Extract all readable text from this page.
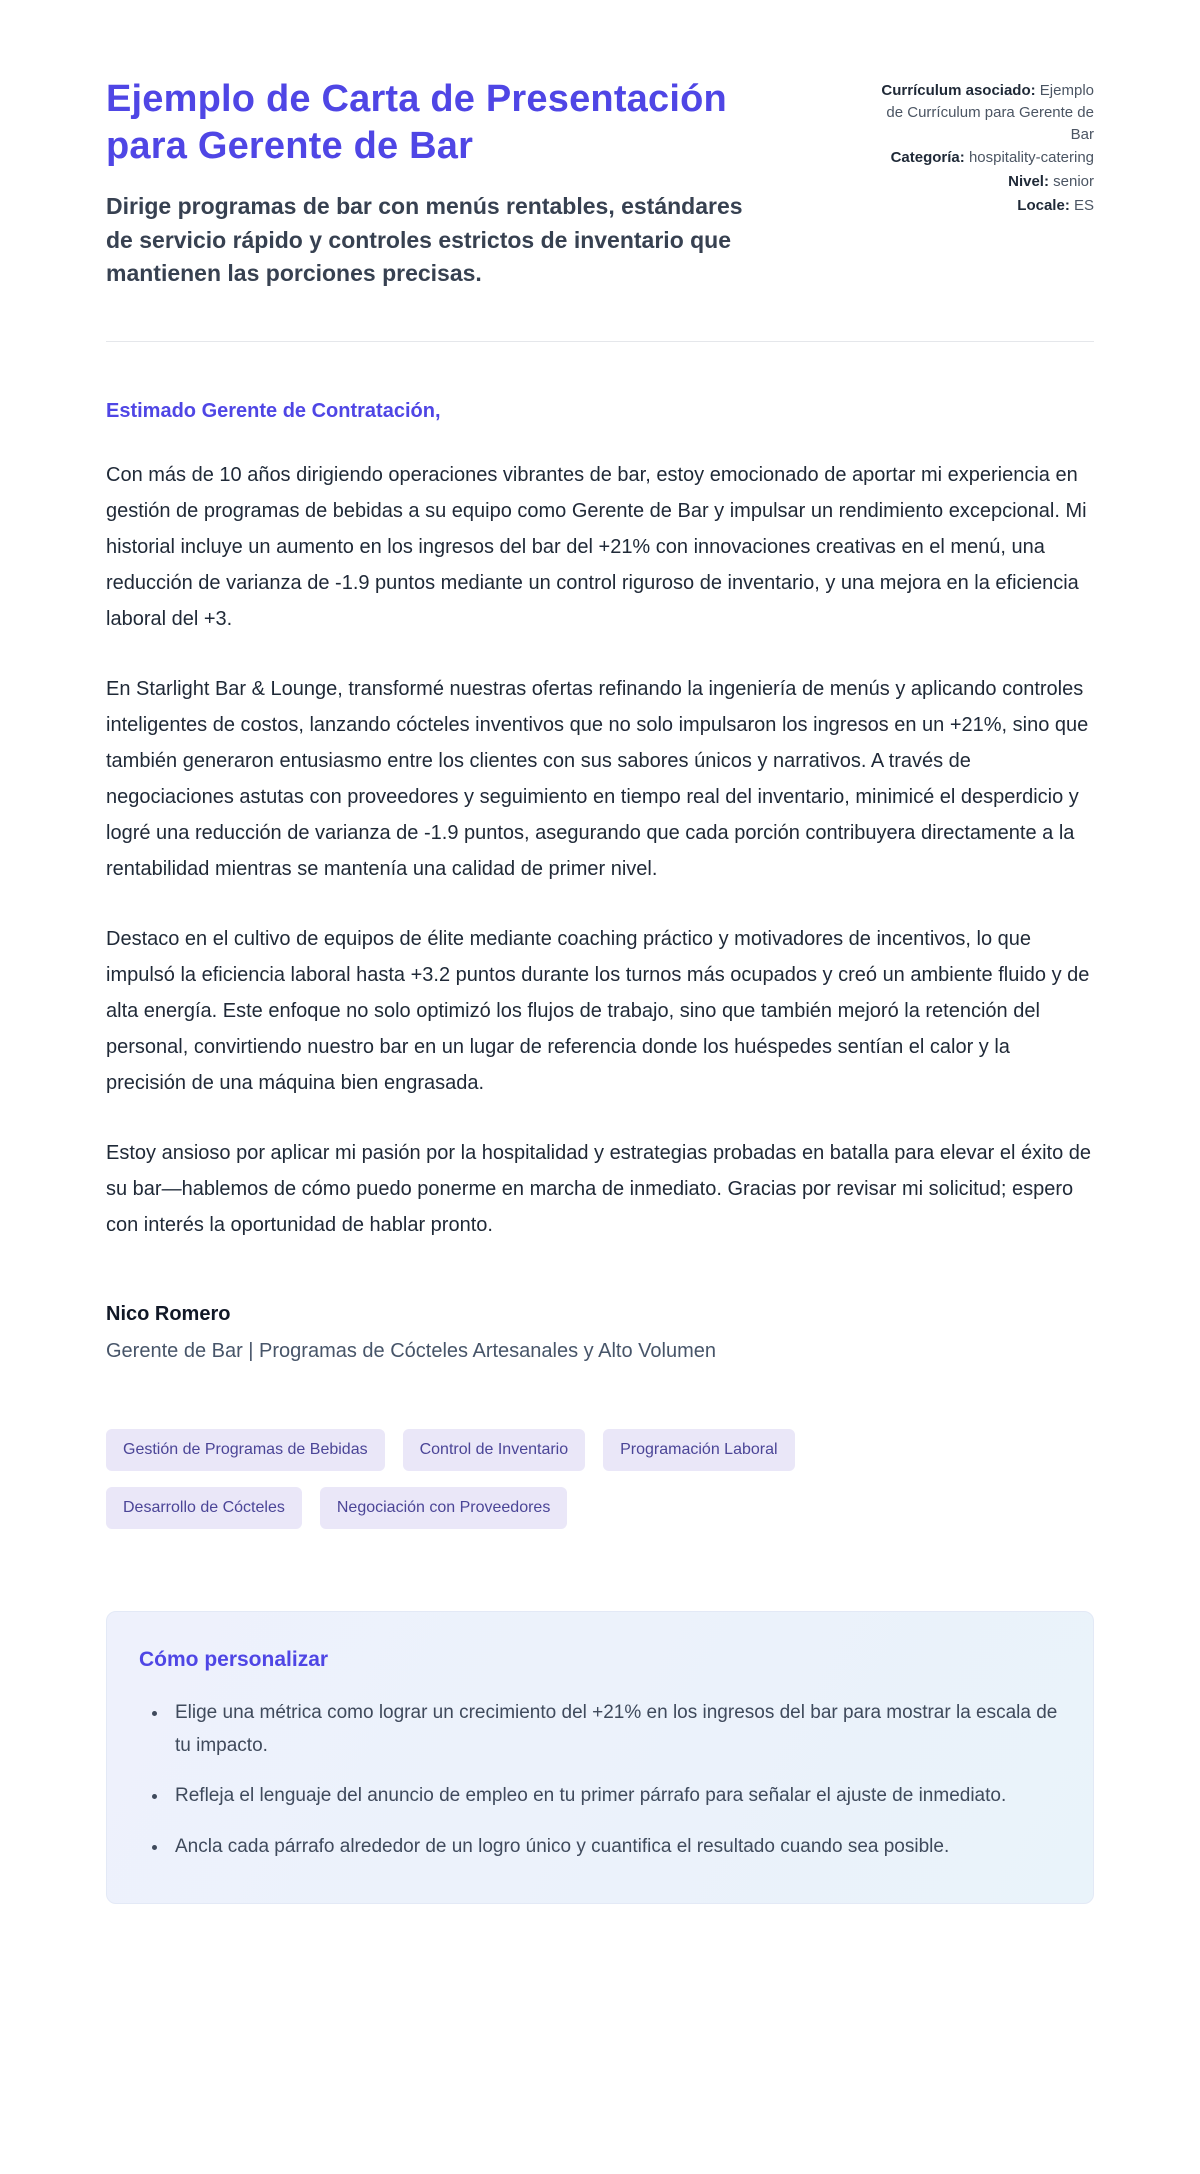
Ejemplo de Carta de Presentación para Gerente de Bar

Dirige programas de bar con menús rentables, estándares de servicio rápido y controles estrictos de inventario que mantienen las porciones precisas.

Currículum asociado: Ejemplo de Currículum para Gerente de Bar
Categoría: hospitality-catering
Nivel: senior
Locale: ES

Estimado Gerente de Contratación,

Con más de 10 años dirigiendo operaciones vibrantes de bar, estoy emocionado de aportar mi experiencia en gestión de programas de bebidas a su equipo como Gerente de Bar y impulsar un rendimiento excepcional. Mi historial incluye un aumento en los ingresos del bar del +21% con innovaciones creativas en el menú, una reducción de varianza de -1.9 puntos mediante un control riguroso de inventario, y una mejora en la eficiencia laboral del +3.

En Starlight Bar & Lounge, transformé nuestras ofertas refinando la ingeniería de menús y aplicando controles inteligentes de costos, lanzando cócteles inventivos que no solo impulsaron los ingresos en un +21%, sino que también generaron entusiasmo entre los clientes con sus sabores únicos y narrativos. A través de negociaciones astutas con proveedores y seguimiento en tiempo real del inventario, minimicé el desperdicio y logré una reducción de varianza de -1.9 puntos, asegurando que cada porción contribuyera directamente a la rentabilidad mientras se mantenía una calidad de primer nivel.

Destaco en el cultivo de equipos de élite mediante coaching práctico y motivadores de incentivos, lo que impulsó la eficiencia laboral hasta +3.2 puntos durante los turnos más ocupados y creó un ambiente fluido y de alta energía. Este enfoque no solo optimizó los flujos de trabajo, sino que también mejoró la retención del personal, convirtiendo nuestro bar en un lugar de referencia donde los huéspedes sentían el calor y la precisión de una máquina bien engrasada.

Estoy ansioso por aplicar mi pasión por la hospitalidad y estrategias probadas en batalla para elevar el éxito de su bar—hablemos de cómo puedo ponerme en marcha de inmediato. Gracias por revisar mi solicitud; espero con interés la oportunidad de hablar pronto.

Nico Romero

Gerente de Bar | Programas de Cócteles Artesanales y Alto Volumen

Gestión de Programas de Bebidas	Control de Inventario	Programación Laboral
Desarrollo de Cócteles	Negociación con Proveedores
Cómo personalizar
• Elige una métrica como lograr un crecimiento del +21% en los ingresos del bar para mostrar la escala de tu impacto.
• Refleja el lenguaje del anuncio de empleo en tu primer párrafo para señalar el ajuste de inmediato.
• Ancla cada párrafo alrededor de un logro único y cuantifica el resultado cuando sea posible.
